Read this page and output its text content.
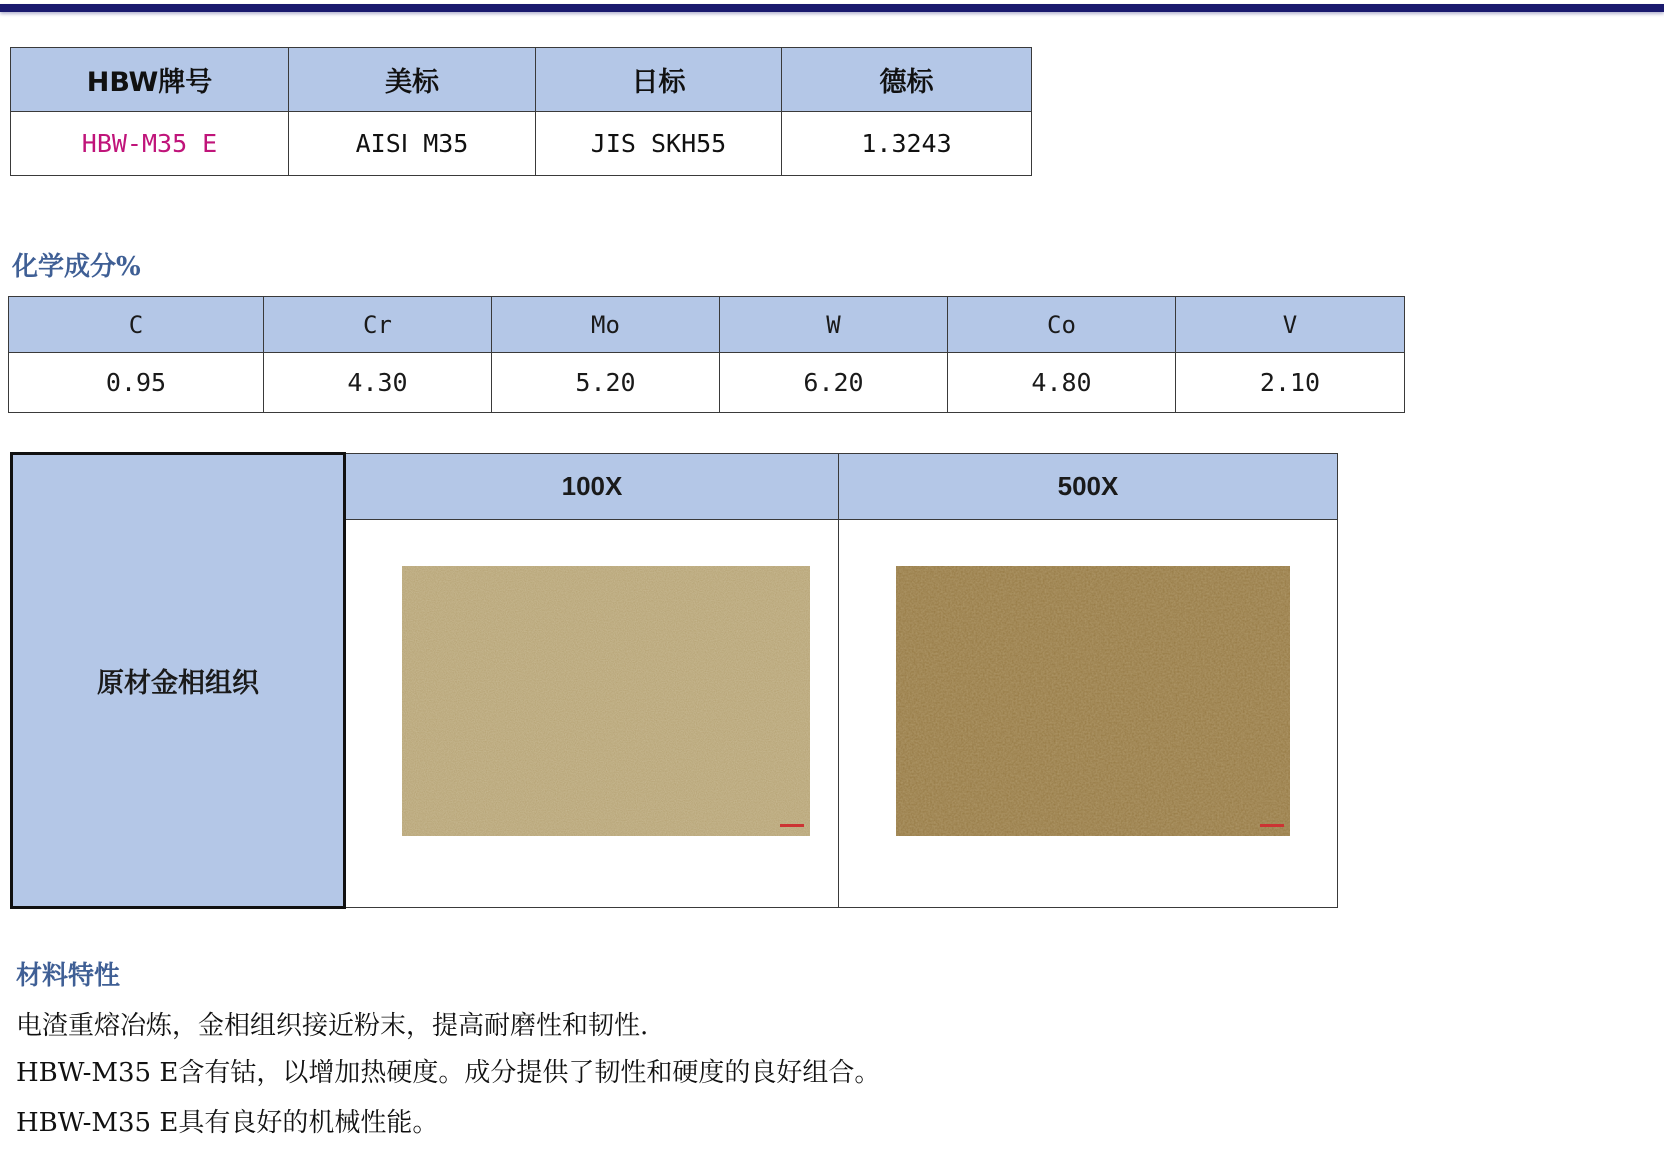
HBW牌号	美标	日标	德标
HBW-M35 E	AISⅠ M35	JIS SKH55	1.3243
化学成分%
C	Cr	Mo	W	Co	V
0.95	4.30	5.20	6.20	4.80	2.10
原材金相组织	100X	500X

材料特性
电渣重熔冶炼，金相组织接近粉末，提高耐磨性和韧性.
HBW-M35 E含有钴，以增加热硬度。成分提供了韧性和硬度的良好组合。
HBW-M35 E具有良好的机械性能。
